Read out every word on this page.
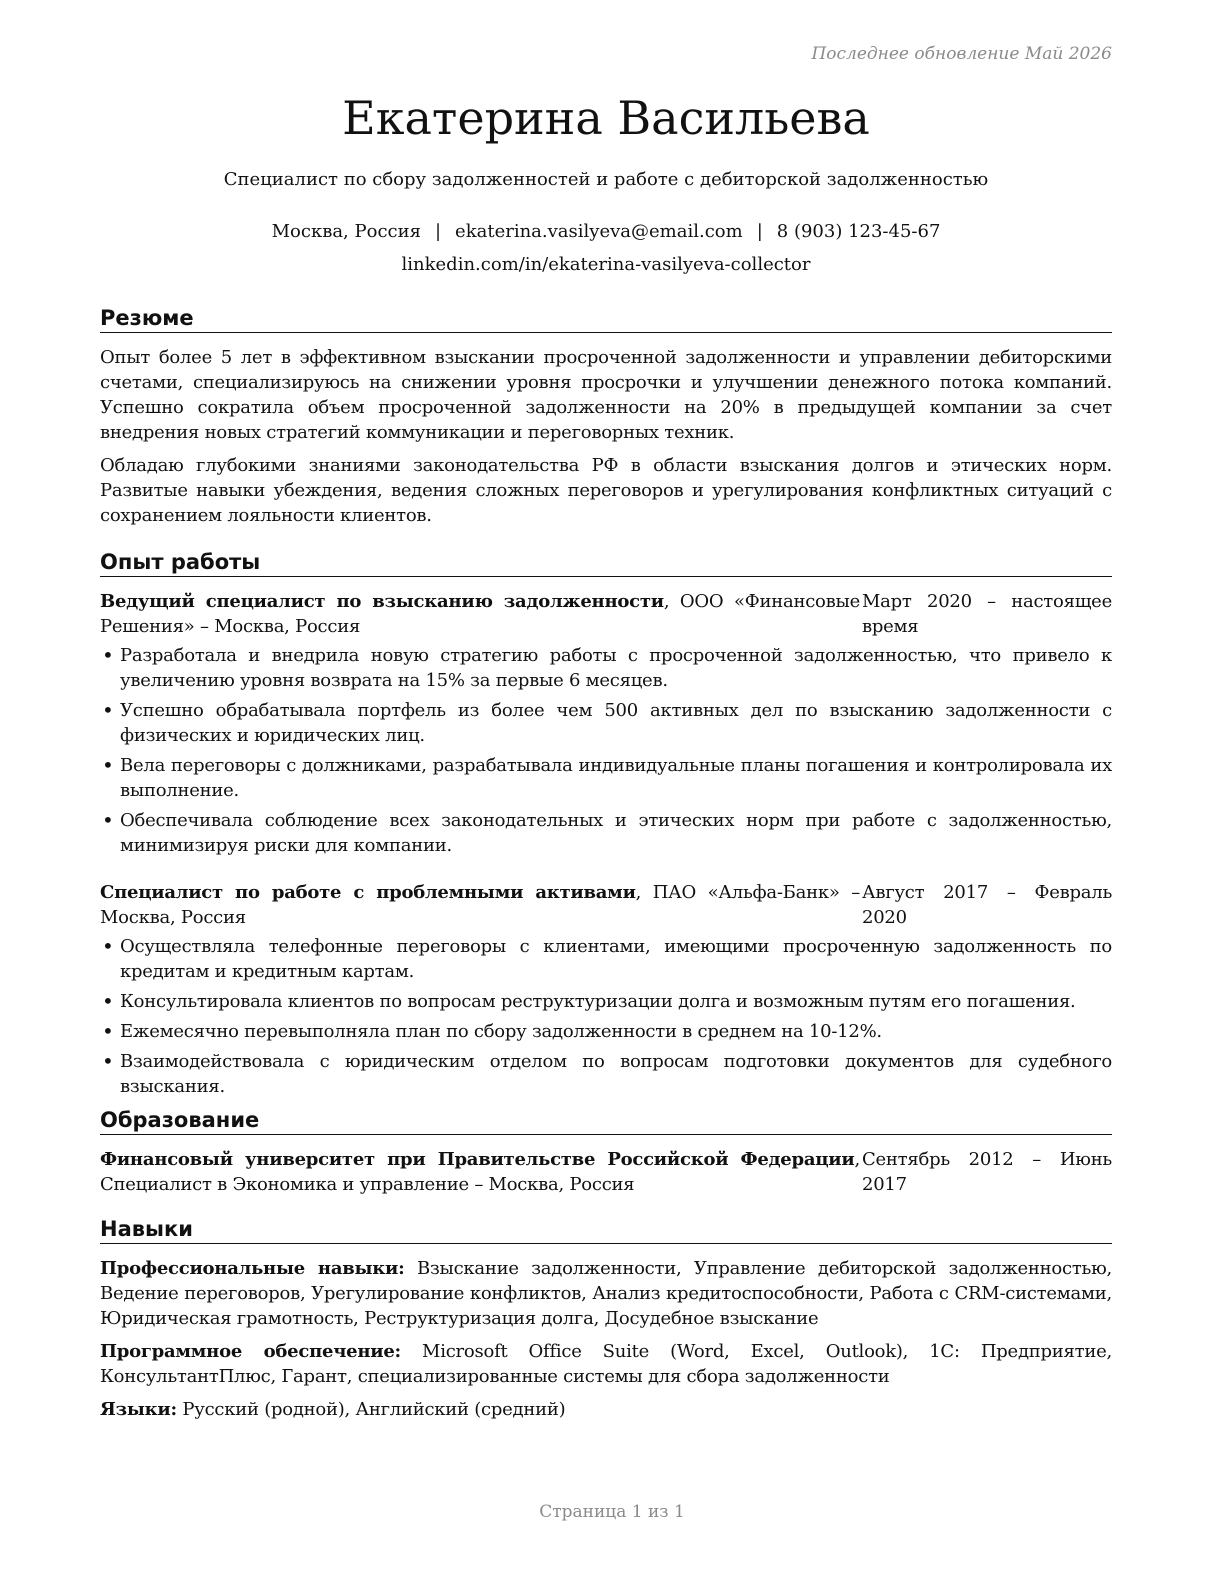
Последнее обновление Май 2026
Екатерина Васильева
Специалист по сбору задолженностей и работе с дебиторской задолженностью
Москва, Россия | ekaterina.vasilyeva@email.com | 8 (903) 123-45-67
linkedin.com/in/ekaterina-vasilyeva-collector
Резюме

Опыт более 5 лет в эффективном взыскании просроченной задолженности и управлении дебиторскими счетами, специализируюсь на снижении уровня просрочки и улучшении денежного потока компаний. Успешно сократила объем просроченной задолженности на 20% в предыдущей компании за счет внедрения новых стратегий коммуникации и переговорных техник.

Обладаю глубокими знаниями законодательства РФ в области взыскания долгов и этических норм. Развитые навыки убеждения, ведения сложных переговоров и урегулирования конфликтных ситуаций с сохранением лояльности клиентов.

Опыт работы
Ведущий специалист по взысканию задолженности, ООО «Финансовые Решения» – Москва, Россия
Март 2020 – настоящее
время
• Разработала и внедрила новую стратегию работы с просроченной задолженностью, что привело к увеличению уровня возврата на 15% за первые 6 месяцев.
• Успешно обрабатывала портфель из более чем 500 активных дел по взысканию задолженности с физических и юридических лиц.
• Вела переговоры с должниками, разрабатывала индивидуальные планы погашения и контролировала их выполнение.
• Обеспечивала соблюдение всех законодательных и этических норм при работе с задолженностью, минимизируя риски для компании.
Специалист по работе с проблемными активами, ПАО «Альфа-Банк» – Москва, Россия
Август 2017 – Февраль
2020
• Осуществляла телефонные переговоры с клиентами, имеющими просроченную задолженность по кредитам и кредитным картам.
• Консультировала клиентов по вопросам реструктуризации долга и возможным путям его погашения.
• Ежемесячно перевыполняла план по сбору задолженности в среднем на 10-12%.
• Взаимодействовала с юридическим отделом по вопросам подготовки документов для судебного взыскания.
Образование
Финансовый университет при Правительстве Российской Федерации, Специалист в Экономика и управление – Москва, Россия
Сентябрь 2012 – Июнь
2017
Навыки
Профессиональные навыки: Взыскание задолженности, Управление дебиторской задолженностью, Ведение переговоров, Урегулирование конфликтов, Анализ кредитоспособности, Работа с CRM-системами, Юридическая грамотность, Реструктуризация долга, Досудебное взыскание
Программное обеспечение: Microsoft Office Suite (Word, Excel, Outlook), 1С: Предприятие, КонсультантПлюс, Гарант, специализированные системы для сбора задолженности
Языки: Русский (родной), Английский (средний)
Страница 1 из 1
